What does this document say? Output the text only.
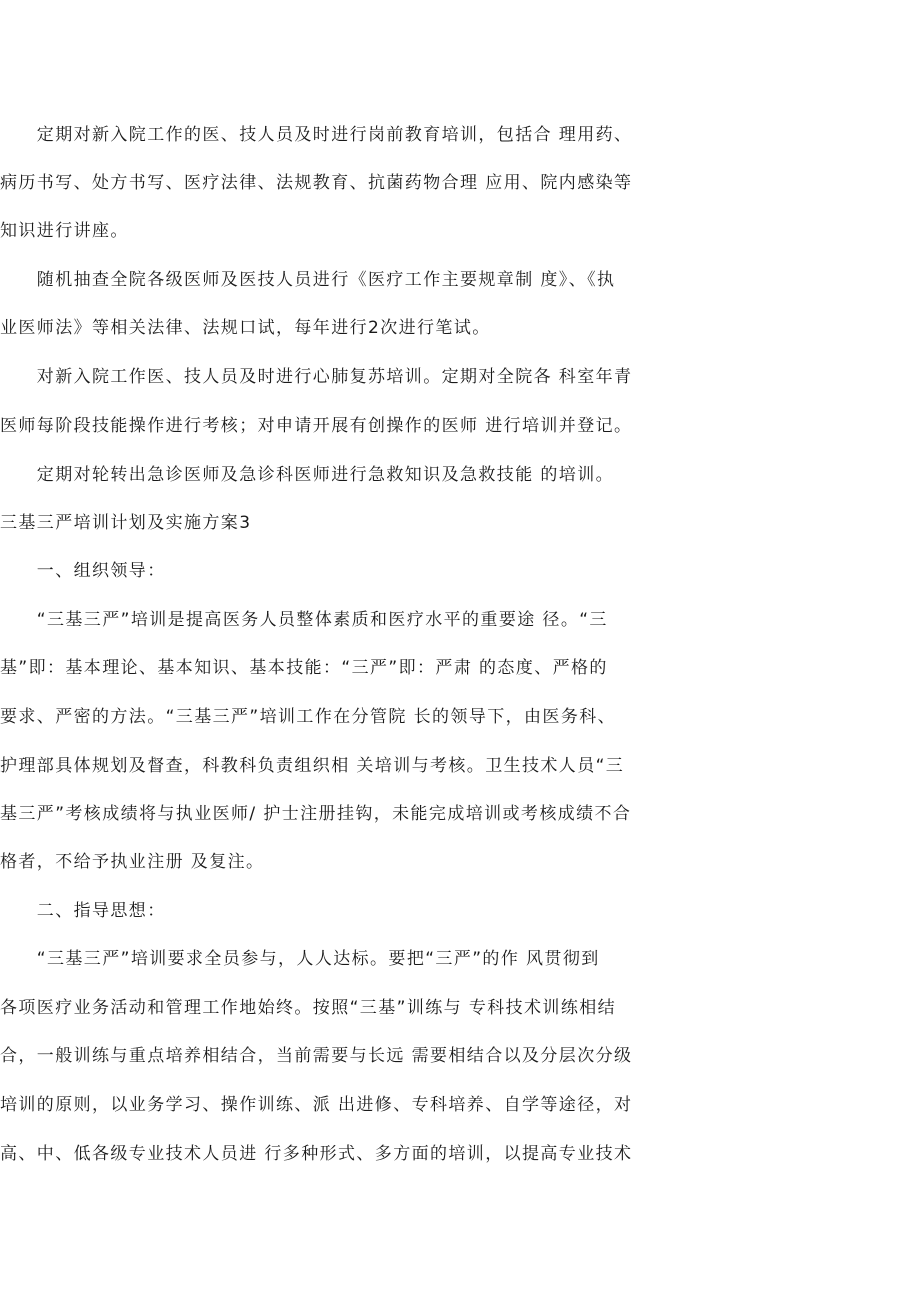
　　定期对新入院工作的医、技人员及时进行岗前教育培训，包括合 理用药、
病历书写、处方书写、医疗法律、法规教育、抗菌药物合理 应用、院内感染等
知识进行讲座。
　　随机抽查全院各级医师及医技人员进行《医疗工作主要规章制 度》、《执
业医师法》等相关法律、法规口试，每年进行2次进行笔试。
　　对新入院工作医、技人员及时进行心肺复苏培训。定期对全院各 科室年青
医师每阶段技能操作进行考核；对申请开展有创操作的医师 进行培训并登记。
　　定期对轮转出急诊医师及急诊科医师进行急救知识及急救技能 的培训。
三基三严培训计划及实施方案3
　　一、组织领导：
　　“三基三严”培训是提高医务人员整体素质和医疗水平的重要途 径。“三
基”即：基本理论、基本知识、基本技能：“三严”即：严肃 的态度、严格的
要求、严密的方法。“三基三严”培训工作在分管院 长的领导下，由医务科、
护理部具体规划及督查，科教科负责组织相 关培训与考核。卫生技术人员“三
基三严”考核成绩将与执业医师/ 护士注册挂钩，未能完成培训或考核成绩不合
格者，不给予执业注册 及复注。
　　二、指导思想：
　　“三基三严”培训要求全员参与，人人达标。要把“三严”的作 风贯彻到
各项医疗业务活动和管理工作地始终。按照“三基”训练与 专科技术训练相结
合，一般训练与重点培养相结合，当前需要与长远 需要相结合以及分层次分级
培训的原则，以业务学习、操作训练、派 出进修、专科培养、自学等途径，对
高、中、低各级专业技术人员进 行多种形式、多方面的培训，以提高专业技术
